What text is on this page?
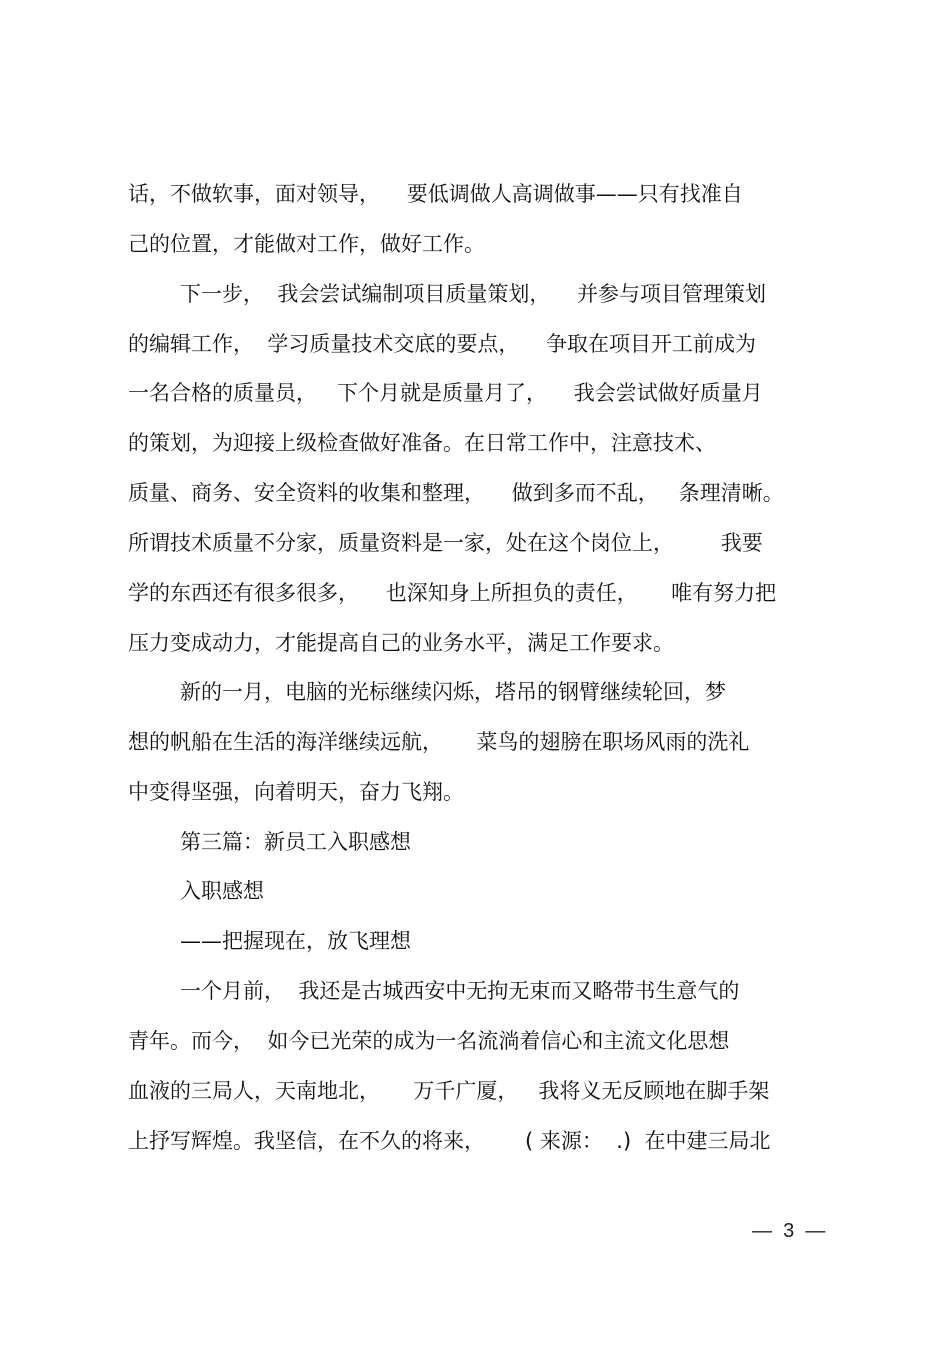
话，不做软事，面对领导，    要低调做人高调做事——只有找准自
己的位置，才能做对工作，做好工作。
下一步，  我会尝试编制项目质量策划，    并参与项目管理策划
的编辑工作，  学习质量技术交底的要点，    争取在项目开工前成为
一名合格的质量员，   下个月就是质量月了，    我会尝试做好质量月
的策划，为迎接上级检查做好准备。在日常工作中，注意技术、
质量、商务、安全资料的收集和整理，    做到多而不乱，   条理清晰。
所谓技术质量不分家，质量资料是一家，处在这个岗位上，       我要
学的东西还有很多很多，    也深知身上所担负的责任，     唯有努力把
压力变成动力，才能提高自己的业务水平，满足工作要求。
新的一月，电脑的光标继续闪烁，塔吊的钢臂继续轮回，梦
想的帆船在生活的海洋继续远航，     菜鸟的翅膀在职场风雨的洗礼
中变得坚强，向着明天，奋力飞翔。
第三篇：新员工入职感想
入职感想
——把握现在，放飞理想
一个月前，  我还是古城西安中无拘无束而又略带书生意气的
青年。而今，  如今已光荣的成为一名流淌着信心和主流文化思想
血液的三局人，天南地北，     万千广厦，   我将义无反顾地在脚手架
上抒写辉煌。我坚信，在不久的将来，      ( 来源：  .)  在中建三局北
—  3  —
